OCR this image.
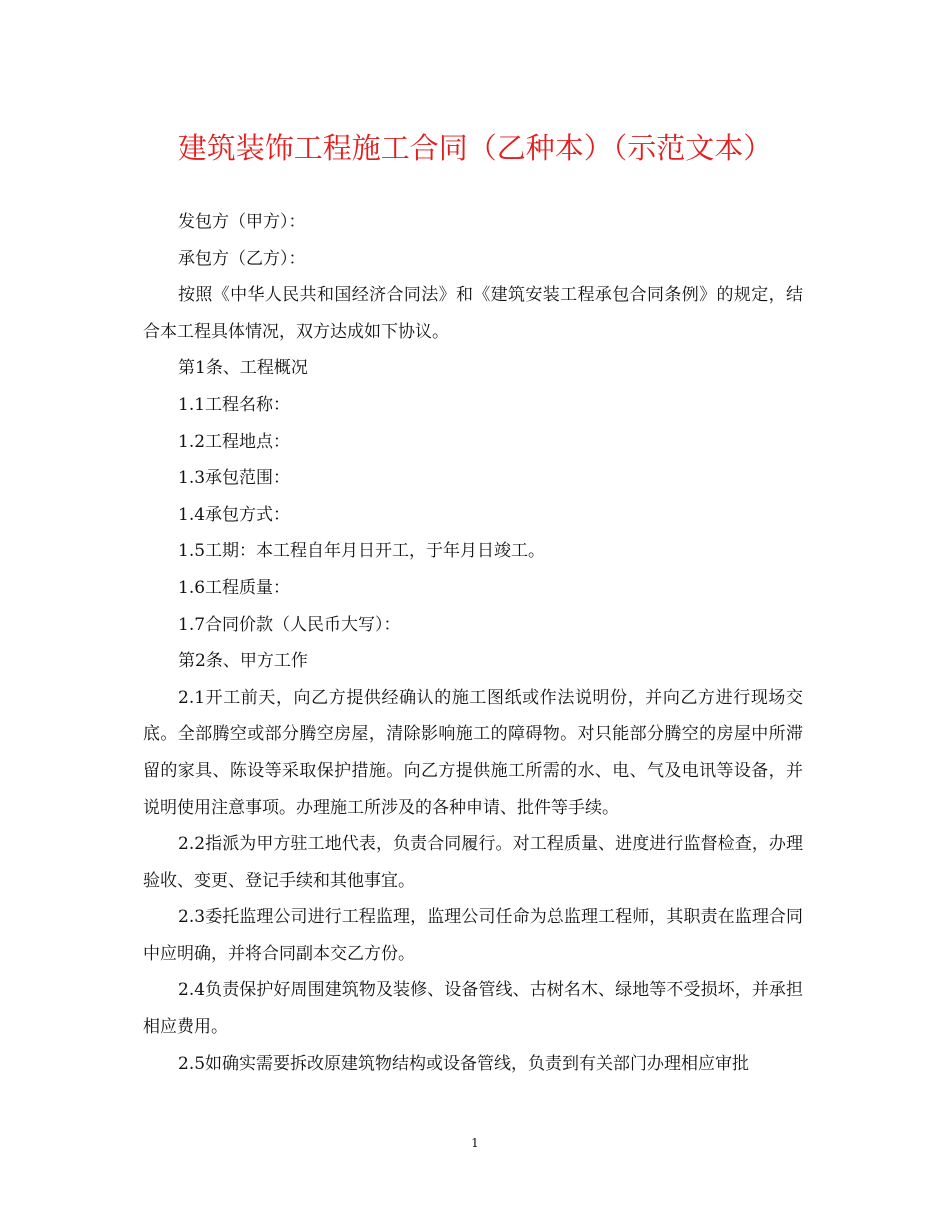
建筑装饰工程施工合同（乙种本）（示范文本）

发包方（甲方）：

承包方（乙方）：

按照《中华人民共和国经济合同法》和《建筑安装工程承包合同条例》的规定，结合本工程具体情况，双方达成如下协议。

第1条、工程概况

1.1工程名称：

1.2工程地点：

1.3承包范围：

1.4承包方式：

1.5工期：本工程自年月日开工，于年月日竣工。

1.6工程质量：

1.7合同价款（人民币大写）：

第2条、甲方工作

2.1开工前天，向乙方提供经确认的施工图纸或作法说明份，并向乙方进行现场交底。全部腾空或部分腾空房屋，清除影响施工的障碍物。对只能部分腾空的房屋中所滞留的家具、陈设等采取保护措施。向乙方提供施工所需的水、电、气及电讯等设备，并说明使用注意事项。办理施工所涉及的各种申请、批件等手续。

2.2指派为甲方驻工地代表，负责合同履行。对工程质量、进度进行监督检查，办理验收、变更、登记手续和其他事宜。

2.3委托监理公司进行工程监理，监理公司任命为总监理工程师，其职责在监理合同中应明确，并将合同副本交乙方份。

2.4负责保护好周围建筑物及装修、设备管线、古树名木、绿地等不受损坏，并承担相应费用。

2.5如确实需要拆改原建筑物结构或设备管线，负责到有关部门办理相应审批

1
